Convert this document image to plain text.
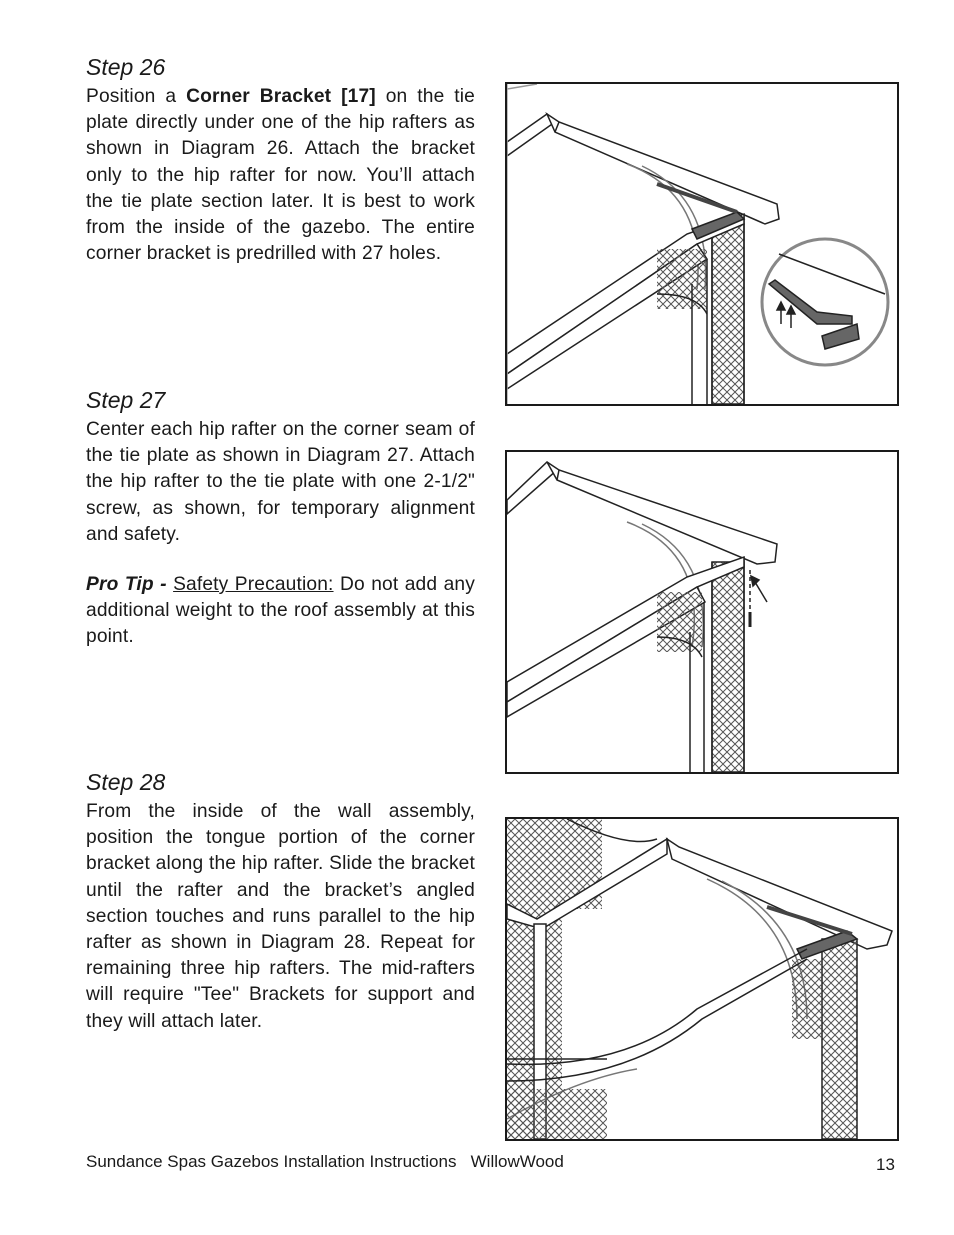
Step 26

Position a Corner Bracket [17] on the tie plate directly under one of the hip rafters as shown in Diagram 26. Attach the bracket only to the hip rafter for now. You’ll attach the tie plate section later. It is best to work from the inside of the gazebo. The entire corner bracket is predrilled with 27 holes.

Step 27

Center each hip rafter on the corner seam of the tie plate as shown in Diagram 27. Attach the hip rafter to the tie plate with one 2-1/2" screw, as shown, for temporary alignment and safety.

Pro Tip - Safety Precaution: Do not add any additional weight to the roof assembly at this point.

Step 28

From the inside of the wall assembly, position the tongue portion of the corner bracket along the hip rafter. Slide the bracket until the rafter and the bracket’s angled section touches and runs parallel to the hip rafter as shown in Diagram 28. Repeat for remaining three hip rafters. The mid-rafters will require "Tee" Brackets for support and they will attach later.

Sundance Spas Gazebos Installation Instructions   WillowWood	13
